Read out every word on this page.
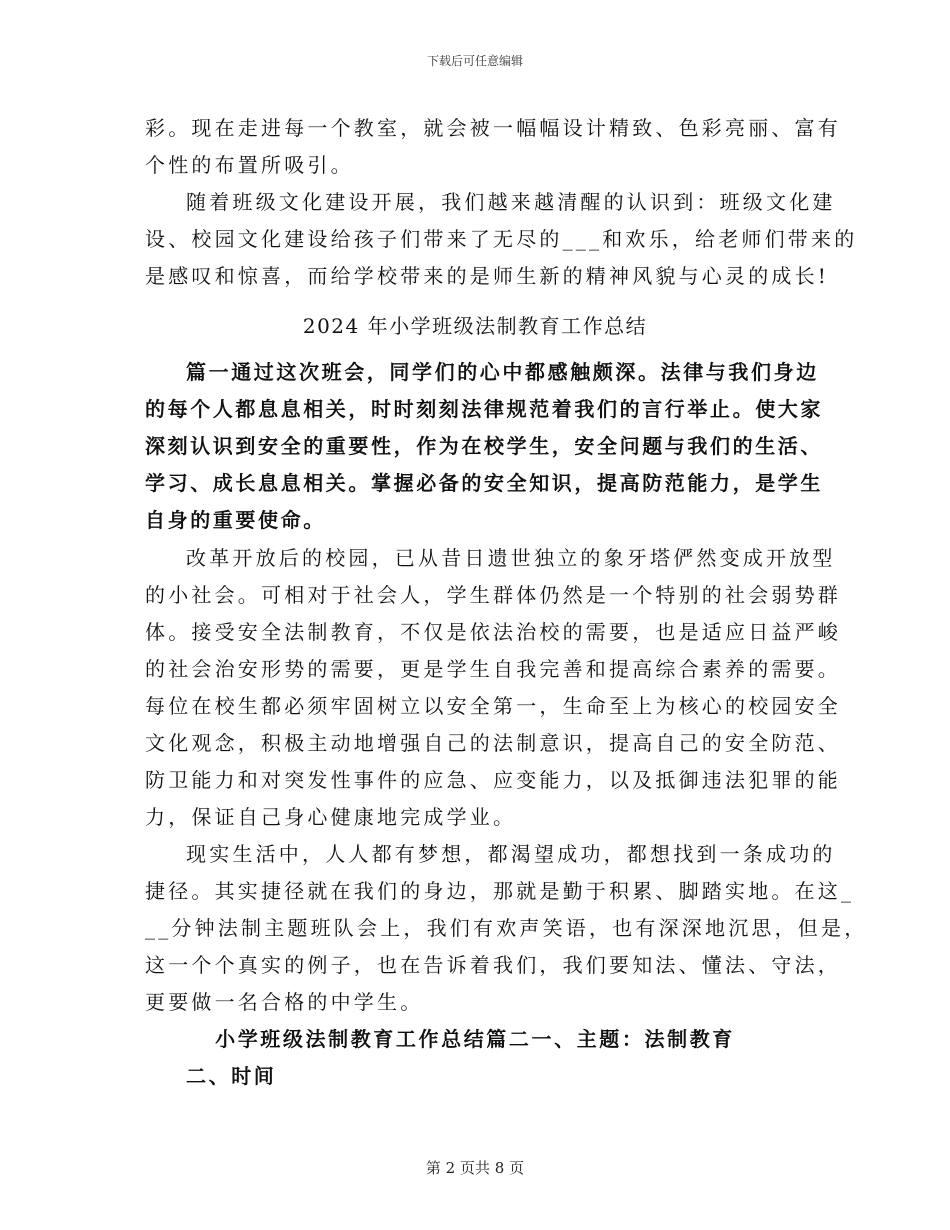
下载后可任意编辑
彩。现在走进每一个教室，就会被一幅幅设计精致、色彩亮丽、富有
个性的布置所吸引。
随着班级文化建设开展，我们越来越清醒的认识到：班级文化建
设、校园文化建设给孩子们带来了无尽的___和欢乐，给老师们带来的
是感叹和惊喜，而给学校带来的是师生新的精神风貌与心灵的成长!
2024 年小学班级法制教育工作总结
篇一通过这次班会，同学们的心中都感触颇深。法律与我们身边
的每个人都息息相关，时时刻刻法律规范着我们的言行举止。使大家
深刻认识到安全的重要性，作为在校学生，安全问题与我们的生活、
学习、成长息息相关。掌握必备的安全知识，提高防范能力，是学生
自身的重要使命。
改革开放后的校园，已从昔日遗世独立的象牙塔俨然变成开放型
的小社会。可相对于社会人，学生群体仍然是一个特别的社会弱势群
体。接受安全法制教育，不仅是依法治校的需要，也是适应日益严峻
的社会治安形势的需要，更是学生自我完善和提高综合素养的需要。
每位在校生都必须牢固树立以安全第一，生命至上为核心的校园安全
文化观念，积极主动地增强自己的法制意识，提高自己的安全防范、
防卫能力和对突发性事件的应急、应变能力，以及抵御违法犯罪的能
力，保证自己身心健康地完成学业。
现实生活中，人人都有梦想，都渴望成功，都想找到一条成功的
捷径。其实捷径就在我们的身边，那就是勤于积累、脚踏实地。在这_
__分钟法制主题班队会上，我们有欢声笑语，也有深深地沉思，但是，
这一个个真实的例子，也在告诉着我们，我们要知法、懂法、守法，
更要做一名合格的中学生。
小学班级法制教育工作总结篇二一、主题：法制教育
二、时间
第 2 页共 8 页
